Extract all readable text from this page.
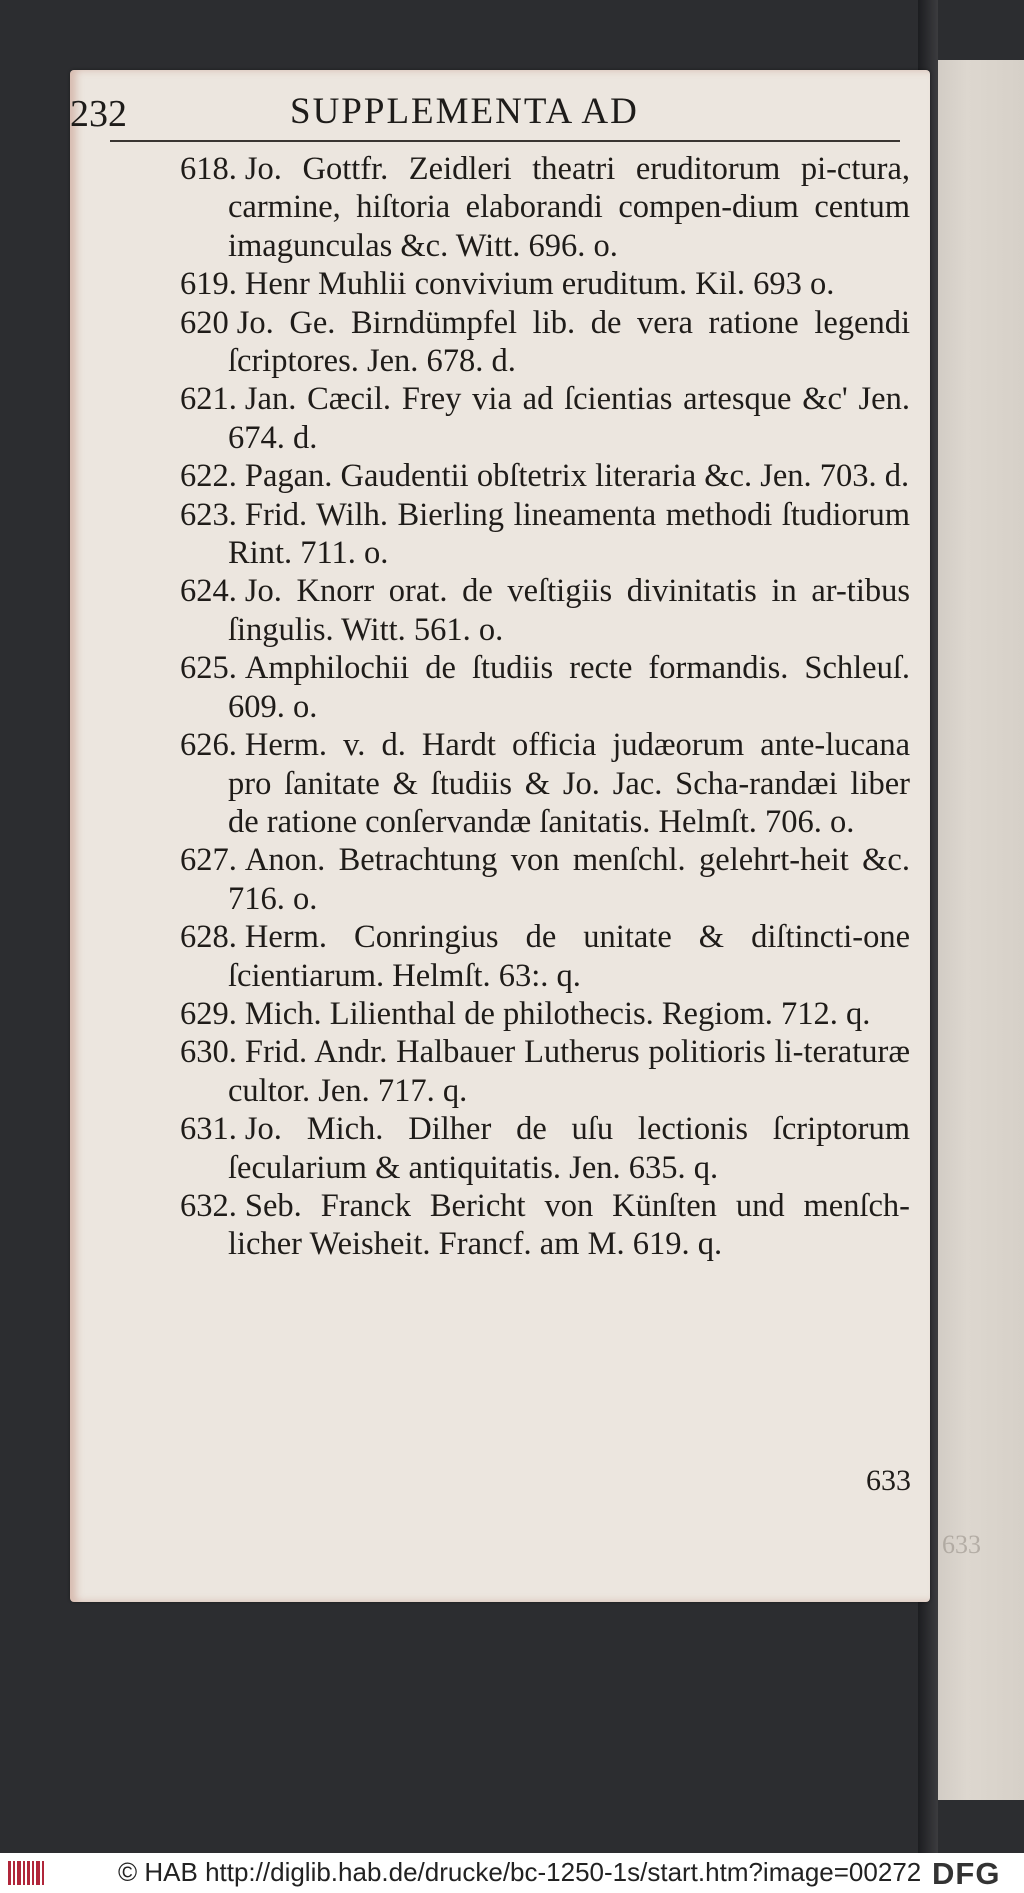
633
232	SUPPLEMENTA AD
618. Jo. Gottfr. Zeidleri theatri eruditorum pi-ctura, carmine, hiſtoria elaborandi compen-dium centum imagunculas &c. Witt. 696. o.
619. Henr Muhlii convivium eruditum. Kil. 693 o.
620 Jo. Ge. Birndümpfel lib. de vera ratione legendi ſcriptores. Jen. 678. d.
621. Jan. Cæcil. Frey via ad ſcientias artesque &c' Jen. 674. d.
622. Pagan. Gaudentii obſtetrix literaria &c. Jen. 703. d.
623. Frid. Wilh. Bierling lineamenta methodi ſtudiorum Rint. 711. o.
624. Jo. Knorr orat. de veſtigiis divinitatis in ar-tibus ſingulis. Witt. 561. o.
625. Amphilochii de ſtudiis recte formandis. Schleuſ. 609. o.
626. Herm. v. d. Hardt officia judæorum ante-lucana pro ſanitate & ſtudiis & Jo. Jac. Scha-randæi liber de ratione conſervandæ ſanitatis. Helmſt. 706. o.
627. Anon. Betrachtung von menſchl. gelehrt-heit &c. 716. o.
628. Herm. Conringius de unitate & diſtincti-one ſcientiarum. Helmſt. 63:. q.
629. Mich. Lilienthal de philothecis. Regiom. 712. q.
630. Frid. Andr. Halbauer Lutherus politioris li-teraturæ cultor. Jen. 717. q.
631. Jo. Mich. Dilher de uſu lectionis ſcriptorum ſecularium & antiquitatis. Jen. 635. q.
632. Seb. Franck Bericht von Künſten und menſch-licher Weisheit. Francf. am M. 619. q.
633
© HAB http://diglib.hab.de/drucke/bc-1250-1s/start.htm?image=00272 DFG
